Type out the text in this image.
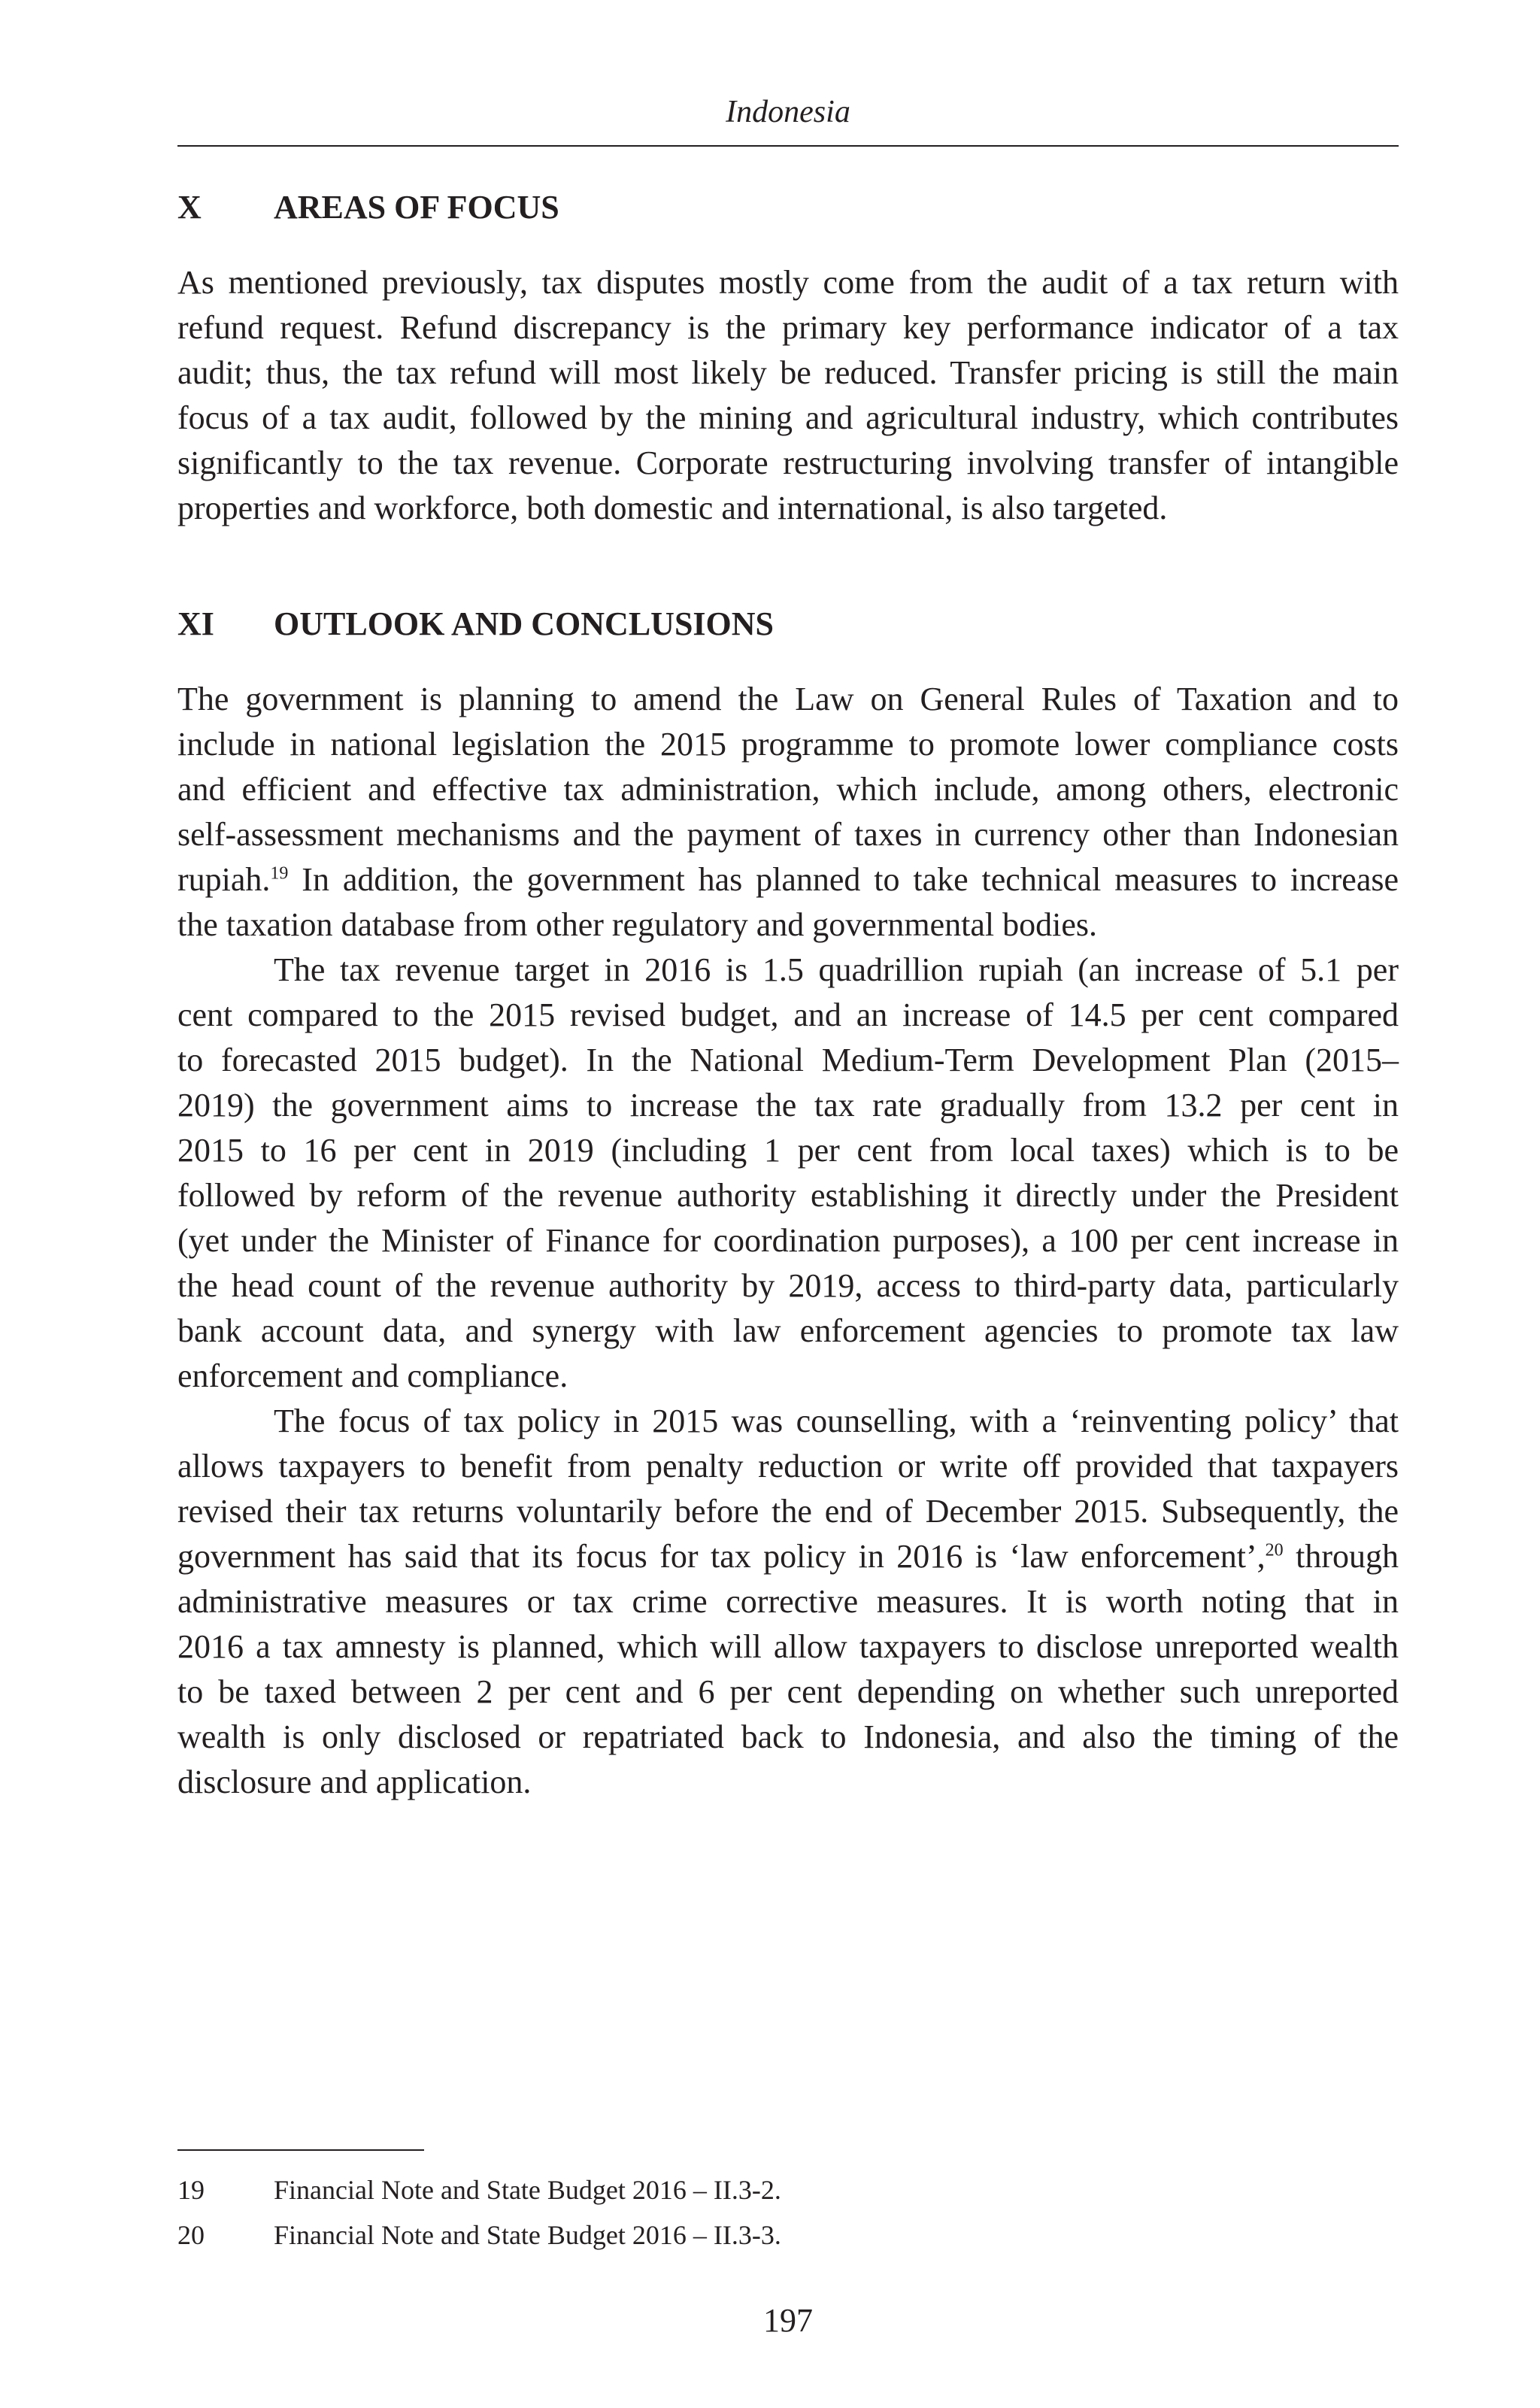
Indonesia
X AREAS OF FOCUS
As mentioned previously, tax disputes mostly come from the audit of a tax return with
refund request. Refund discrepancy is the primary key performance indicator of a tax
audit; thus, the tax refund will most likely be reduced. Transfer pricing is still the main
focus of a tax audit, followed by the mining and agricultural industry, which contributes
significantly to the tax revenue. Corporate restructuring involving transfer of intangible
properties and workforce, both domestic and international, is also targeted.
XI OUTLOOK AND CONCLUSIONS
The government is planning to amend the Law on General Rules of Taxation and to
include in national legislation the 2015 programme to promote lower compliance costs
and efficient and effective tax administration, which include, among others, electronic
self-assessment mechanisms and the payment of taxes in currency other than Indonesian
rupiah.$^{19}$ In addition, the government has planned to take technical measures to increase
the taxation database from other regulatory and governmental bodies.
The tax revenue target in 2016 is 1.5 quadrillion rupiah (an increase of 5.1 per
cent compared to the 2015 revised budget, and an increase of 14.5 per cent compared
to forecasted 2015 budget). In the National Medium-Term Development Plan (2015–
2019) the government aims to increase the tax rate gradually from 13.2 per cent in
2015 to 16 per cent in 2019 (including 1 per cent from local taxes) which is to be
followed by reform of the revenue authority establishing it directly under the President
(yet under the Minister of Finance for coordination purposes), a 100 per cent increase in
the head count of the revenue authority by 2019, access to third-party data, particularly
bank account data, and synergy with law enforcement agencies to promote tax law
enforcement and compliance.
The focus of tax policy in 2015 was counselling, with a ‘reinventing policy’ that
allows taxpayers to benefit from penalty reduction or write off provided that taxpayers
revised their tax returns voluntarily before the end of December 2015. Subsequently, the
government has said that its focus for tax policy in 2016 is ‘law enforcement’,$^{20}$ through
administrative measures or tax crime corrective measures. It is worth noting that in
2016 a tax amnesty is planned, which will allow taxpayers to disclose unreported wealth
to be taxed between 2 per cent and 6 per cent depending on whether such unreported
wealth is only disclosed or repatriated back to Indonesia, and also the timing of the
disclosure and application.
19	Financial Note and State Budget 2016 – II.3-2.
20	Financial Note and State Budget 2016 – II.3-3.
197
